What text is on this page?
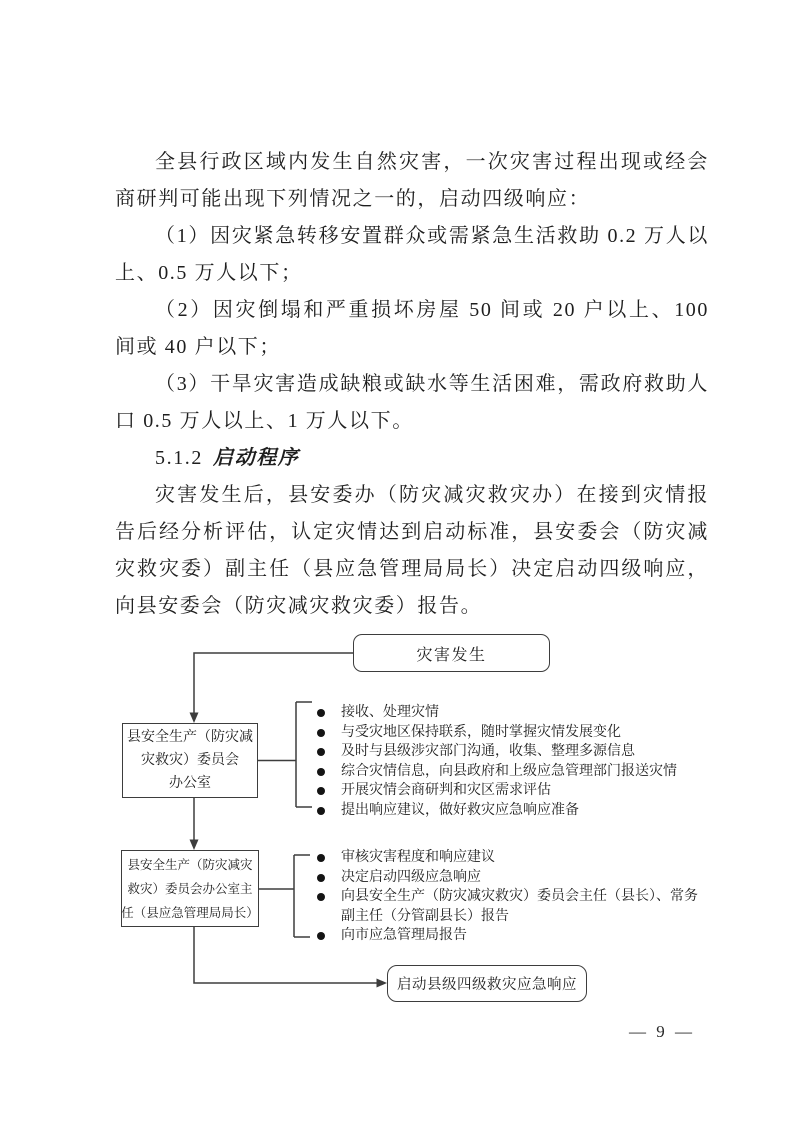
全县行政区域内发生自然灾害，一次灾害过程出现或经会商研判可能出现下列情况之一的，启动四级响应：

（1）因灾紧急转移安置群众或需紧急生活救助 0.2 万人以上、0.5 万人以下；

（2）因灾倒塌和严重损坏房屋 50 间或 20 户以上、100 间或 40 户以下；

（3）干旱灾害造成缺粮或缺水等生活困难，需政府救助人口 0.5 万人以上、1 万人以下。

5.1.2 启动程序

灾害发生后，县安委办（防灾减灾救灾办）在接到灾情报告后经分析评估，认定灾情达到启动标准，县安委会（防灾减灾救灾委）副主任（县应急管理局局长）决定启动四级响应，向县安委会（防灾减灾救灾委）报告。

灾害发生
县安全生产（防灾减
灾救灾）委员会
办公室
接收、处理灾情
与受灾地区保持联系，随时掌握灾情发展变化
及时与县级涉灾部门沟通，收集、整理多源信息
综合灾情信息，向县政府和上级应急管理部门报送灾情
开展灾情会商研判和灾区需求评估
提出响应建议，做好救灾应急响应准备
县安全生产（防灾减灾
救灾）委员会办公室主
任（县应急管理局局长）
审核灾害程度和响应建议
决定启动四级应急响应
向县安全生产（防灾减灾救灾）委员会主任（县长）、常务副主任（分管副县长）报告
向市应急管理局报告
启动县级四级救灾应急响应
— 9 —
